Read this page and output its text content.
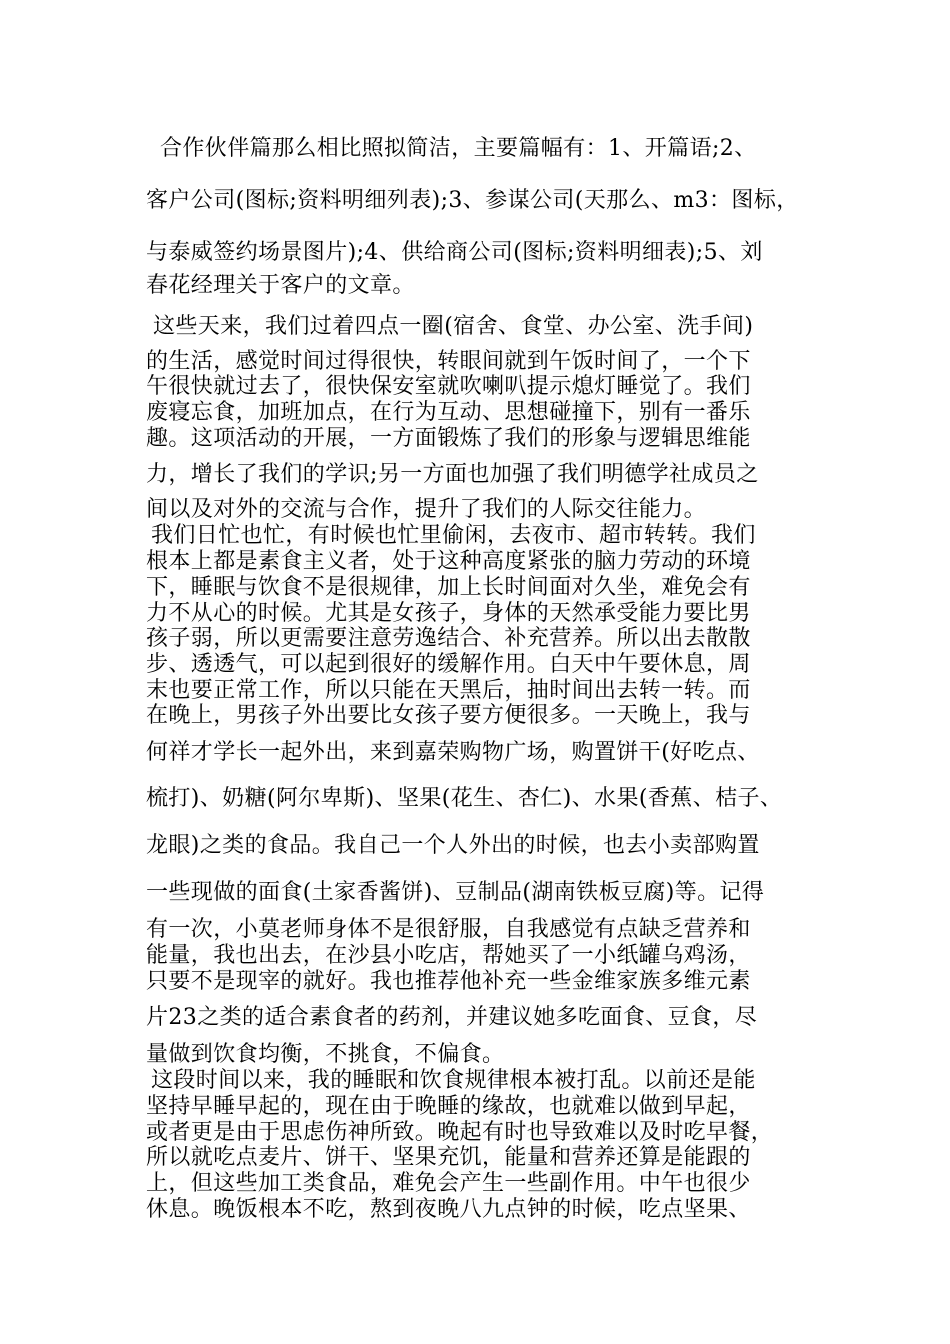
合作伙伴篇那么相比照拟简洁，主要篇幅有：1、开篇语;2、
客户公司(图标;资料明细列表);3、参谋公司(天那么、m3：图标，
与泰威签约场景图片);4、供给商公司(图标;资料明细表);5、刘
春花经理关于客户的文章。
这些天来，我们过着四点一圈(宿舍、食堂、办公室、洗手间)
的生活，感觉时间过得很快，转眼间就到午饭时间了，一个下
午很快就过去了，很快保安室就吹喇叭提示熄灯睡觉了。我们
废寝忘食，加班加点，在行为互动、思想碰撞下，别有一番乐
趣。这项活动的开展，一方面锻炼了我们的形象与逻辑思维能
力，增长了我们的学识;另一方面也加强了我们明德学社成员之
间以及对外的交流与合作，提升了我们的人际交往能力。
我们日忙也忙，有时候也忙里偷闲，去夜市、超市转转。我们
根本上都是素食主义者，处于这种高度紧张的脑力劳动的环境
下，睡眠与饮食不是很规律，加上长时间面对久坐，难免会有
力不从心的时候。尤其是女孩子，身体的天然承受能力要比男
孩子弱，所以更需要注意劳逸结合、补充营养。所以出去散散
步、透透气，可以起到很好的缓解作用。白天中午要休息，周
末也要正常工作，所以只能在天黑后，抽时间出去转一转。而
在晚上，男孩子外出要比女孩子要方便很多。一天晚上，我与
何祥才学长一起外出，来到嘉荣购物广场，购置饼干(好吃点、
梳打)、奶糖(阿尔卑斯)、坚果(花生、杏仁)、水果(香蕉、桔子、
龙眼)之类的食品。我自己一个人外出的时候，也去小卖部购置
一些现做的面食(土家香酱饼)、豆制品(湖南铁板豆腐)等。记得
有一次，小莫老师身体不是很舒服，自我感觉有点缺乏营养和
能量，我也出去，在沙县小吃店，帮她买了一小纸罐乌鸡汤，
只要不是现宰的就好。我也推荐他补充一些金维家族多维元素
片23之类的适合素食者的药剂，并建议她多吃面食、豆食，尽
量做到饮食均衡，不挑食，不偏食。
这段时间以来，我的睡眠和饮食规律根本被打乱。以前还是能
坚持早睡早起的，现在由于晚睡的缘故，也就难以做到早起，
或者更是由于思虑伤神所致。晚起有时也导致难以及时吃早餐，
所以就吃点麦片、饼干、坚果充饥，能量和营养还算是能跟的
上，但这些加工类食品，难免会产生一些副作用。中午也很少
休息。晚饭根本不吃，熬到夜晚八九点钟的时候，吃点坚果、
